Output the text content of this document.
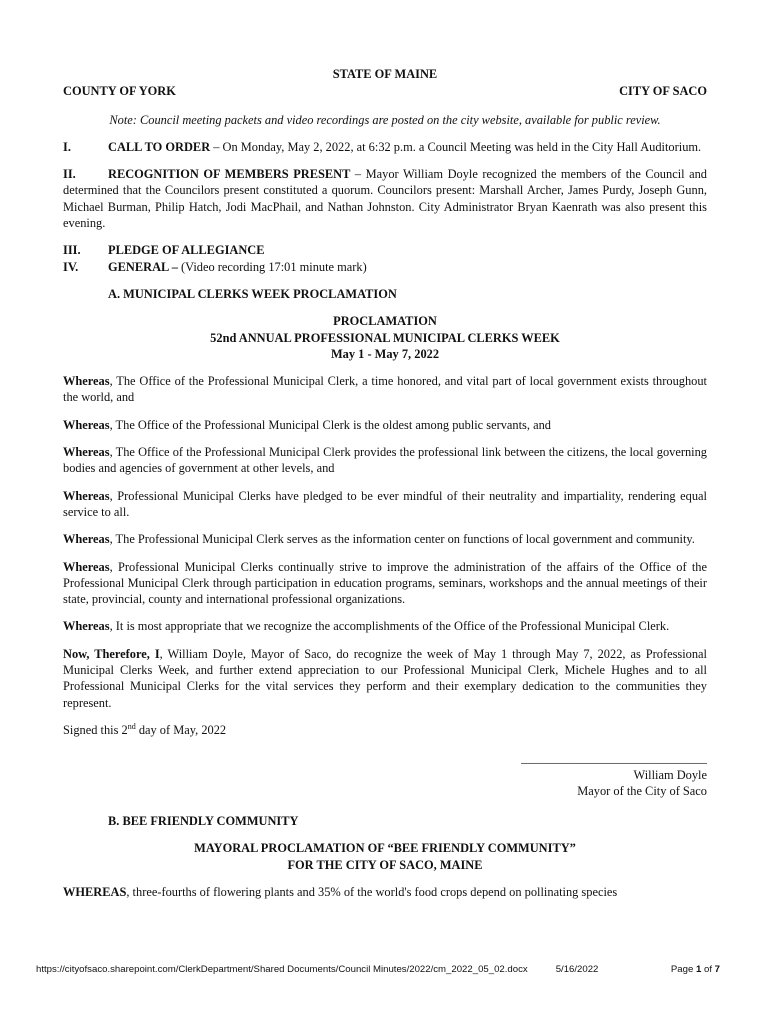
STATE OF MAINE
COUNTY OF YORK	CITY OF SACO
Note: Council meeting packets and video recordings are posted on the city website, available for public review.

I.	CALL TO ORDER – On Monday, May 2, 2022, at 6:32 p.m. a Council Meeting was held in the City Hall Auditorium.

II.	RECOGNITION OF MEMBERS PRESENT – Mayor William Doyle recognized the members of the Council and determined that the Councilors present constituted a quorum. Councilors present: Marshall Archer, James Purdy, Joseph Gunn, Michael Burman, Philip Hatch, Jodi MacPhail, and Nathan Johnston. City Administrator Bryan Kaenrath was also present this evening.

III.	PLEDGE OF ALLEGIANCE
IV.	GENERAL – (Video recording 17:01 minute mark)
A. MUNICIPAL CLERKS WEEK PROCLAMATION
PROCLAMATION
52nd ANNUAL PROFESSIONAL MUNICIPAL CLERKS WEEK
May 1 - May 7, 2022

Whereas, The Office of the Professional Municipal Clerk, a time honored, and vital part of local government exists throughout the world, and

Whereas, The Office of the Professional Municipal Clerk is the oldest among public servants, and

Whereas, The Office of the Professional Municipal Clerk provides the professional link between the citizens, the local governing bodies and agencies of government at other levels, and

Whereas, Professional Municipal Clerks have pledged to be ever mindful of their neutrality and impartiality, rendering equal service to all.

Whereas, The Professional Municipal Clerk serves as the information center on functions of local government and community.

Whereas, Professional Municipal Clerks continually strive to improve the administration of the affairs of the Office of the Professional Municipal Clerk through participation in education programs, seminars, workshops and the annual meetings of their state, provincial, county and international professional organizations.

Whereas, It is most appropriate that we recognize the accomplishments of the Office of the Professional Municipal Clerk.

Now, Therefore, I, William Doyle, Mayor of Saco, do recognize the week of May 1 through May 7, 2022, as Professional Municipal Clerks Week, and further extend appreciation to our Professional Municipal Clerk, Michele Hughes and to all Professional Municipal Clerks for the vital services they perform and their exemplary dedication to the communities they represent.

Signed this 2nd day of May, 2022

______________________________
William Doyle
Mayor of the City of Saco
B. BEE FRIENDLY COMMUNITY
MAYORAL PROCLAMATION OF “BEE FRIENDLY COMMUNITY”
FOR THE CITY OF SACO, MAINE

WHEREAS, three-fourths of flowering plants and 35% of the world's food crops depend on pollinating species

https://cityofsaco.sharepoint.com/ClerkDepartment/Shared Documents/Council Minutes/2022/cm_2022_05_02.docx	5/16/2022	Page 1 of 7
